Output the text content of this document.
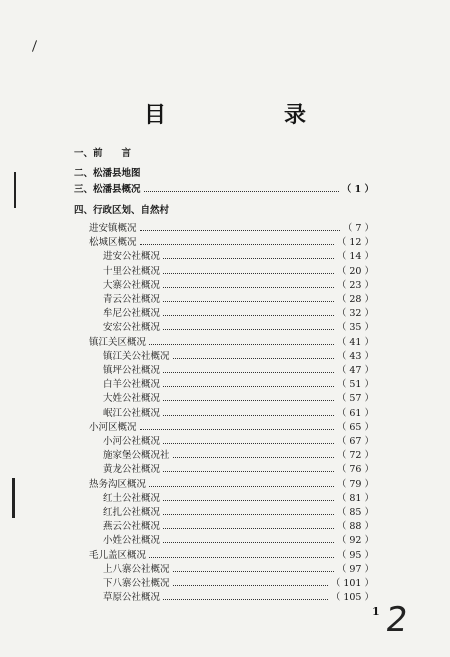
目　录
一、前　　言
二、松潘县地图
三、松潘县概况	（ 1 ）
四、行政区划、自然村
进安镇概况	（ 7 ）
松城区概况	（ 12 ）
进安公社概况	（ 14 ）
十里公社概况	（ 20 ）
大寨公社概况	（ 23 ）
青云公社概况	（ 28 ）
牟尼公社概况	（ 32 ）
安宏公社概况	（ 35 ）
镇江关区概况	（ 41 ）
镇江关公社概况	（ 43 ）
镇坪公社概况	（ 47 ）
白羊公社概况	（ 51 ）
大姓公社概况	（ 57 ）
岷江公社概况	（ 61 ）
小河区概况	（ 65 ）
小河公社概况	（ 67 ）
施家堡公概况社	（ 72 ）
黄龙公社概况	（ 76 ）
热务沟区概况	（ 79 ）
红土公社概况	（ 81 ）
红扎公社概况	（ 85 ）
燕云公社概况	（ 88 ）
小姓公社概况	（ 92 ）
毛儿盖区概况	（ 95 ）
上八寨公社概况	（ 97 ）
下八寨公社概况	（ 101 ）
草原公社概况	（ 105 ）
1 2
